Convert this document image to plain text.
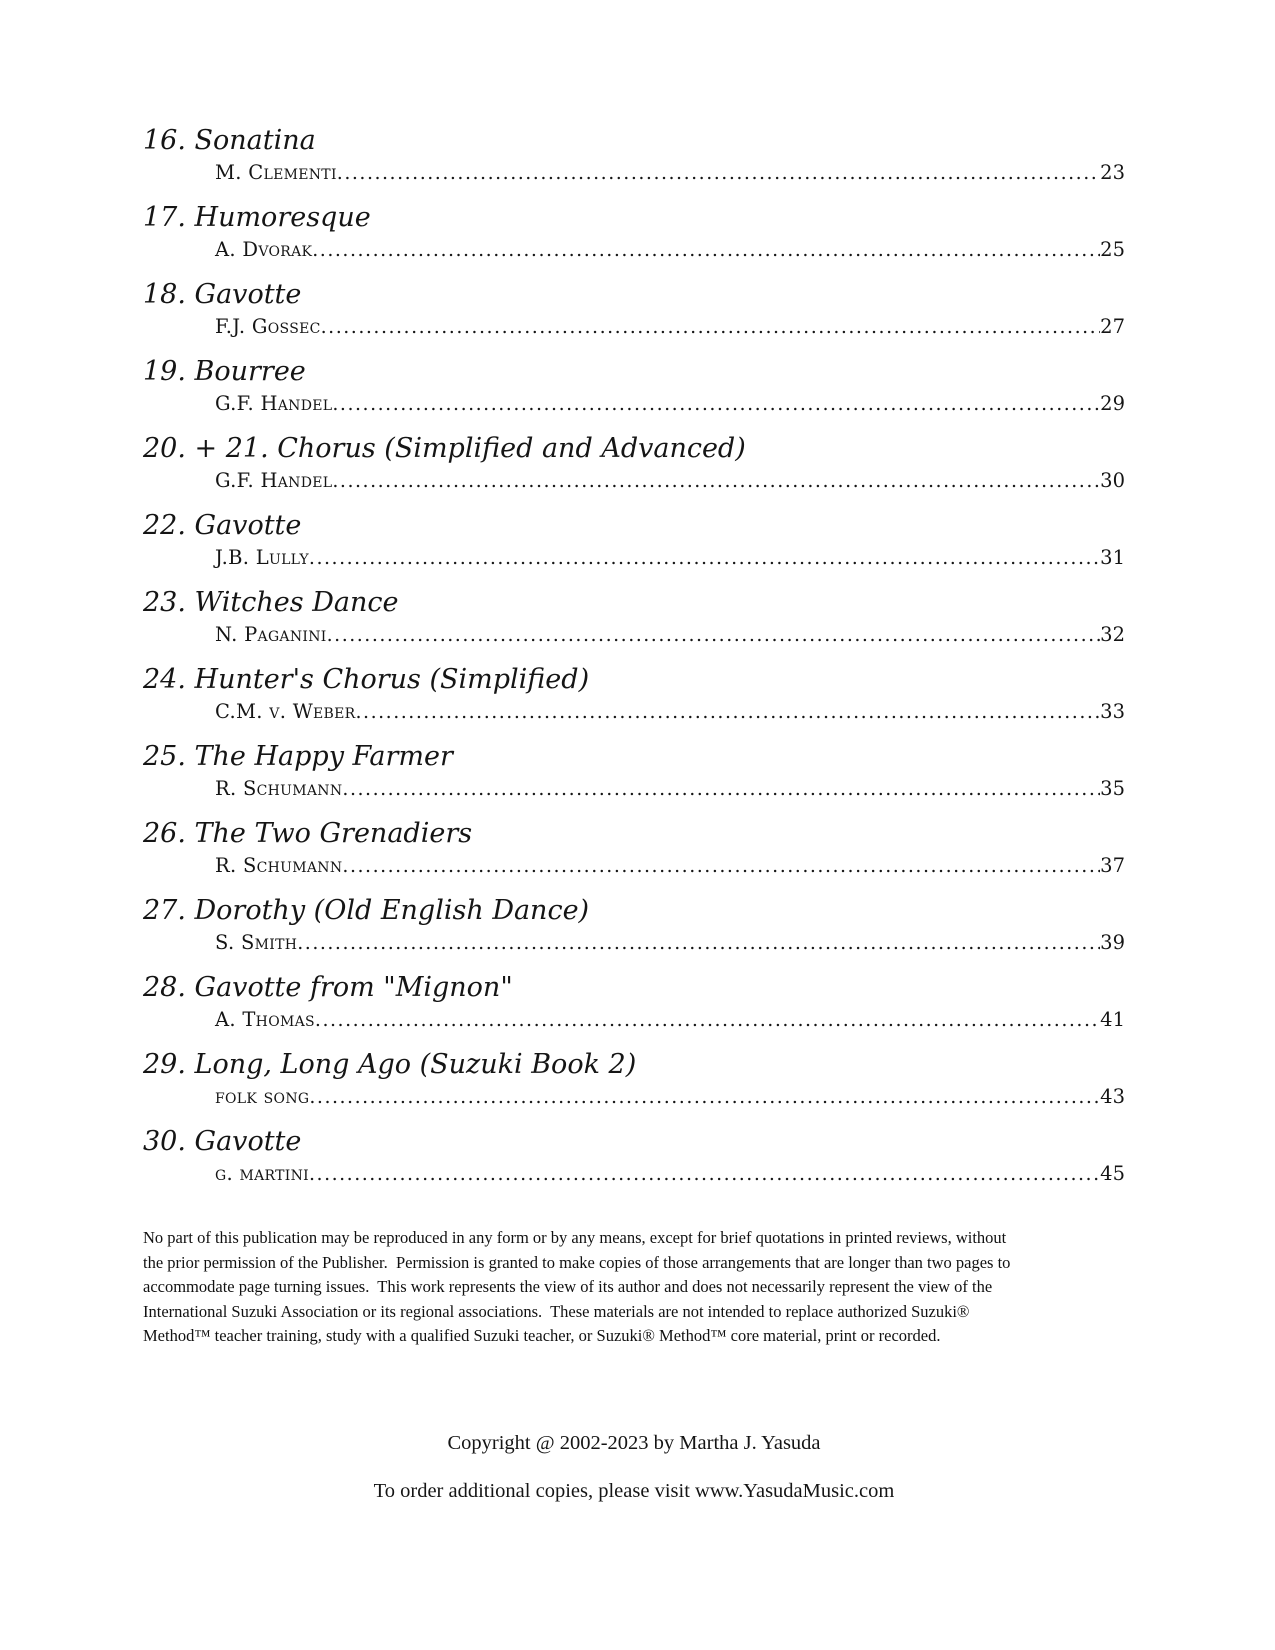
16. Sonatina
M. Clementi .....	23
17. Humoresque
A. Dvorak .....	25
18. Gavotte
F.J. Gossec .....	27
19. Bourree
G.F. Handel .....	29
20. + 21. Chorus (Simplified and Advanced)
G.F. Handel .....	30
22. Gavotte
J.B. Lully .....	31
23. Witches Dance
N. Paganini .....	32
24. Hunter's Chorus (Simplified)
C.M. v. Weber .....	33
25. The Happy Farmer
R. Schumann .....	35
26. The Two Grenadiers
R. Schumann .....	37
27. Dorothy (Old English Dance)
S. Smith .....	39
28. Gavotte from "Mignon"
A. Thomas .....	41
29. Long, Long Ago (Suzuki Book 2)
folk song .....	43
30. Gavotte
g. martini .....	45
No part of this publication may be reproduced in any form or by any means, except for brief quotations in printed reviews, without
the prior permission of the Publisher.  Permission is granted to make copies of those arrangements that are longer than two pages to
accommodate page turning issues.  This work represents the view of its author and does not necessarily represent the view of the
International Suzuki Association or its regional associations.  These materials are not intended to replace authorized Suzuki®
Method™ teacher training, study with a qualified Suzuki teacher, or Suzuki® Method™ core material, print or recorded.
Copyright @ 2002-2023 by Martha J. Yasuda
To order additional copies, please visit www.YasudaMusic.com
